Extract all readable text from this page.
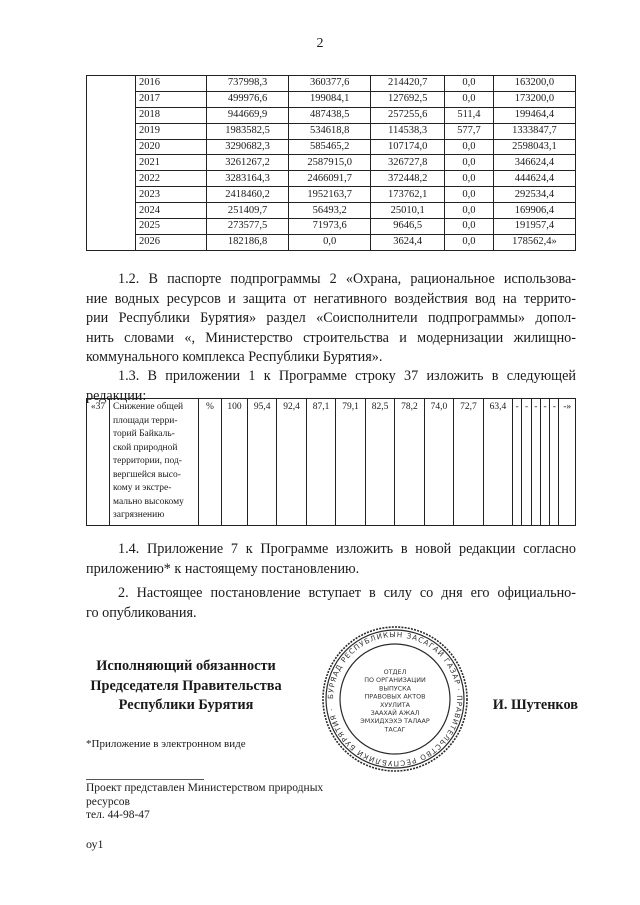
2
	2016	737998,3	360377,6	214420,7	0,0	163200,0
	2017	499976,6	199084,1	127692,5	0,0	173200,0
	2018	944669,9	487438,5	257255,6	511,4	199464,4
	2019	1983582,5	534618,8	114538,3	577,7	1333847,7
	2020	3290682,3	585465,2	107174,0	0,0	2598043,1
	2021	3261267,2	2587915,0	326727,8	0,0	346624,4
	2022	3283164,3	2466091,7	372448,2	0,0	444624,4
	2023	2418460,2	1952163,7	173762,1	0,0	292534,4
	2024	251409,7	56493,2	25010,1	0,0	169906,4
	2025	273577,5	71973,6	9646,5	0,0	191957,4
	2026	182186,8	0,0	3624,4	0,0	178562,4»

1.2. В паспорте подпрограммы 2 «Охрана, рациональное использова-

ние водных ресурсов и защита от негативного воздействия вод на террито-

рии Республики Бурятия» раздел «Соисполнители подпрограммы» допол-

нить словами «, Министерство строительства и модернизации жилищно-

коммунального комплекса Республики Бурятия».

1.3. В приложении 1 к Программе строку 37 изложить в следующей

редакции:

«37	Снижение общей
площади терри-
торий Байкаль-
ской природной
территории, под-
вергшейся высо-
кому и экстре-
мально высокому
загрязнению
	%	100	95,4	92,4	87,1	79,1	82,5	78,2	74,0	72,7	63,4	-	-	-	-	-	-»

1.4. Приложение 7 к Программе изложить в новой редакции согласно

приложению* к настоящему постановлению.

2. Настоящее постановление вступает в силу со дня его официально-

го опубликования.

Исполняющий обязанности
Председателя Правительства
Республики Бурятия	И. Шутенков
БУРЯАД РЕСПУБЛИКЫН ЗАСАГАЙ ГАЗАР · ПРАВИТЕЛЬСТВО РЕСПУБЛИКИ БУРЯТИЯ ·
ОТДЕЛ
ПО ОРГАНИЗАЦИИ
ВЫПУСКА
ПРАВОВЫХ АКТОВ
ХУУЛИТА
ЗААХАЙ АЖАЛ
ЭМХИДХЭХЭ ТАЛААР
ТАСАГ
*Приложение в электронном виде
Проект представлен Министерством природных
ресурсов
тел. 44-98-47
оу1
